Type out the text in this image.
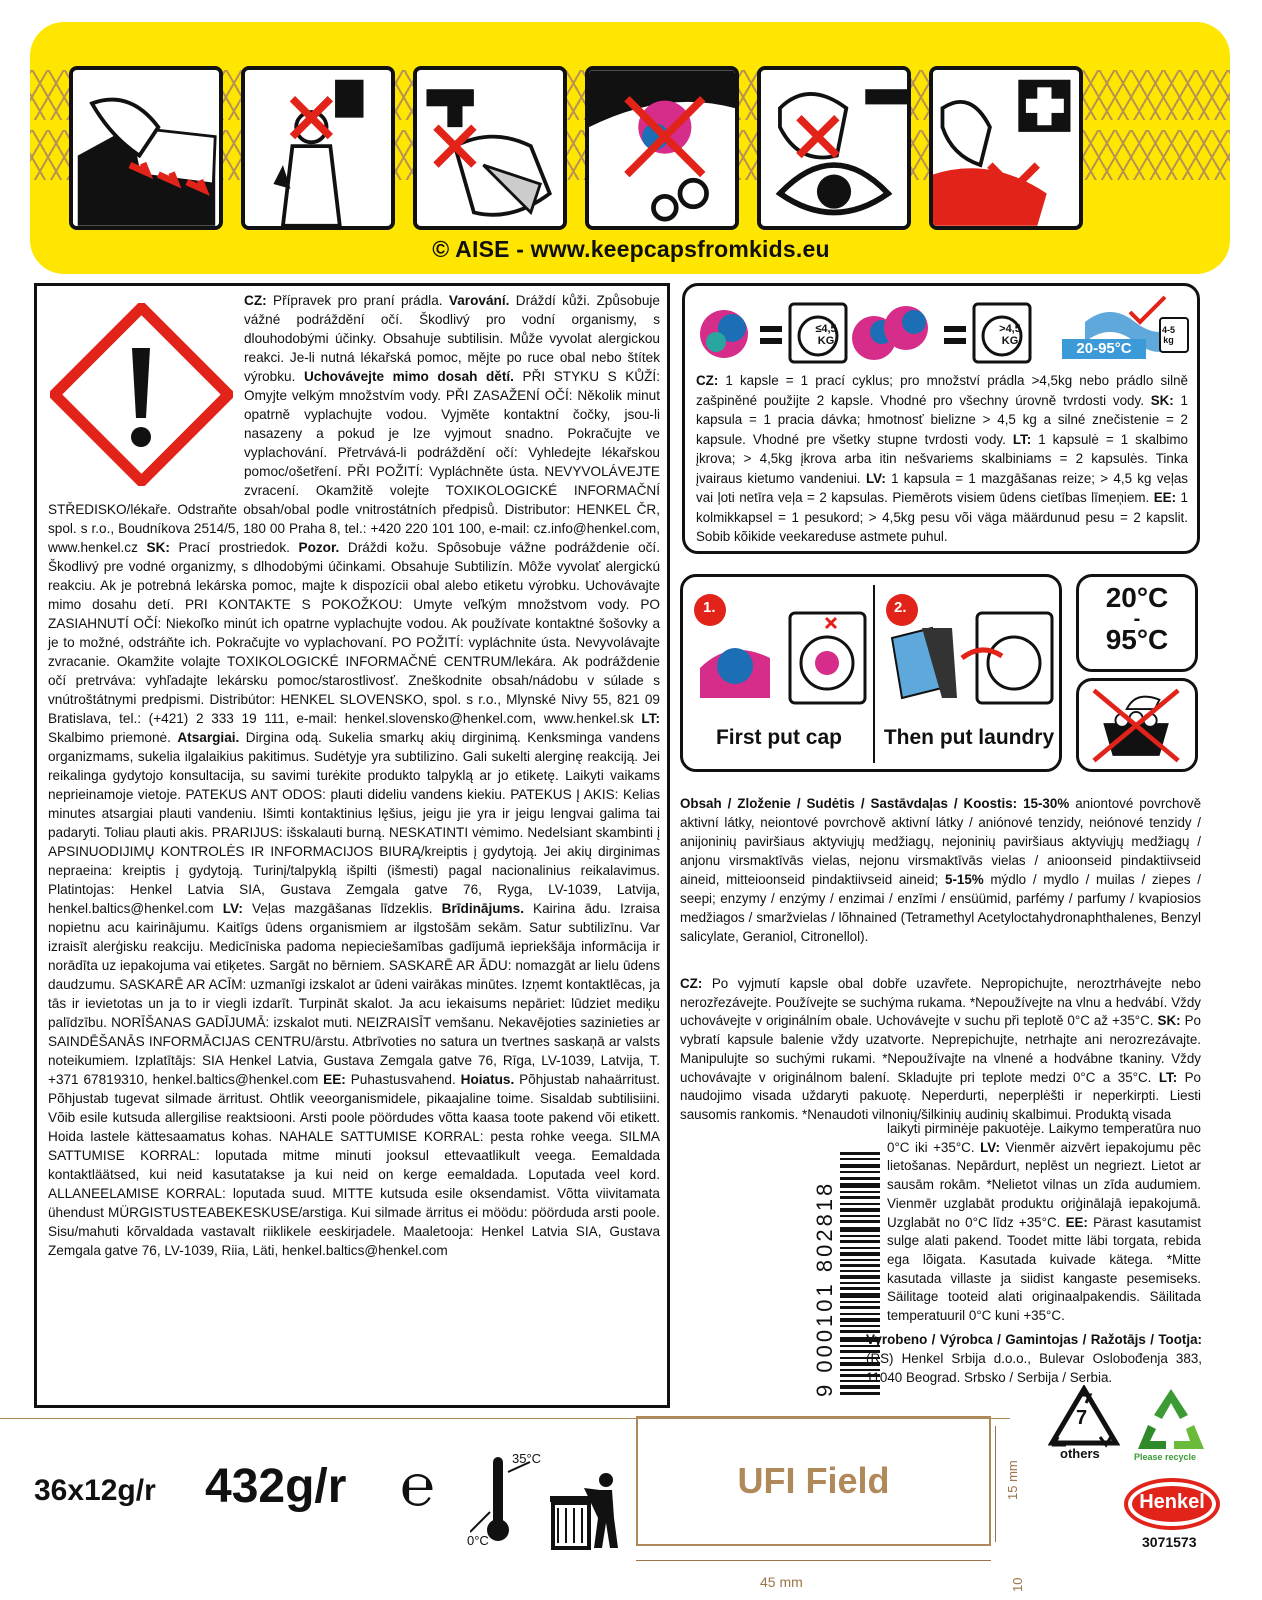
© AISE - www.keepcapsfromkids.eu
CZ: Přípravek pro praní prádla. Varování. Dráždí kůži. Způsobuje vážné podráždění očí. Škodlivý pro vodní organismy, s dlouhodobými účinky. Obsahuje subtilisin. Může vyvolat alergickou reakci. Je-li nutná lékařská pomoc, mějte po ruce obal nebo štítek výrobku. Uchovávejte mimo dosah dětí. PŘI STYKU S KŮŽÍ: Omyjte velkým množstvím vody. PŘI ZASAŽENÍ OČÍ: Několik minut opatrně vyplachujte vodou. Vyjměte kontaktní čočky, jsou-li nasazeny a pokud je lze vyjmout snadno. Pokračujte ve vyplachování. Přetrvává-li podráždění očí: Vyhledejte lékařskou pomoc/ošetření. PŘI POŽITÍ: Vypláchněte ústa. NEVYVOLÁVEJTE zvracení. Okamžitě volejte TOXIKOLOGICKÉ INFORMAČNÍ STŘEDISKO/lékaře. Odstraňte obsah/obal podle vnitrostátních předpisů. Distributor: HENKEL ČR, spol. s r.o., Boudníkova 2514/5, 180 00 Praha 8, tel.: +420 220 101 100, e-mail: cz.info@henkel.com, www.henkel.cz SK: Prací prostriedok. Pozor. Dráždi kožu. Spôsobuje vážne podráždenie očí. Škodlivý pre vodné organizmy, s dlhodobými účinkami. Obsahuje Subtilizín. Môže vyvolať alergickú reakciu. Ak je potrebná lekárska pomoc, majte k dispozícii obal alebo etiketu výrobku. Uchovávajte mimo dosahu detí. PRI KONTAKTE S POKOŽKOU: Umyte veľkým množstvom vody. PO ZASIAHNUTÍ OČÍ: Niekoľko minút ich opatrne vyplachujte vodou. Ak používate kontaktné šošovky a je to možné, odstráňte ich. Pokračujte vo vyplachovaní. PO POŽITÍ: vypláchnite ústa. Nevyvolávajte zvracanie. Okamžite volajte TOXIKOLOGICKÉ INFORMAČNÉ CENTRUM/lekára. Ak podráždenie očí pretrváva: vyhľadajte lekársku pomoc/starostlivosť. Zneškodnite obsah/nádobu v súlade s vnútroštátnymi predpismi. Distribútor: HENKEL SLOVENSKO, spol. s r.o., Mlynské Nivy 55, 821 09 Bratislava, tel.: (+421) 2 333 19 111, e-mail: henkel.slovensko@henkel.com, www.henkel.sk LT: Skalbimo priemonė. Atsargiai. Dirgina odą. Sukelia smarkų akių dirginimą. Kenksminga vandens organizmams, sukelia ilgalaikius pakitimus. Sudėtyje yra subtilizino. Gali sukelti alerginę reakciją. Jei reikalinga gydytojo konsultacija, su savimi turėkite produkto talpyklą ar jo etiketę. Laikyti vaikams neprieinamoje vietoje. PATEKUS ANT ODOS: plauti dideliu vandens kiekiu. PATEKUS Į AKIS: Kelias minutes atsargiai plauti vandeniu. Išimti kontaktinius lęšius, jeigu jie yra ir jeigu lengvai galima tai padaryti. Toliau plauti akis. PRARIJUS: išskalauti burną. NESKATINTI vėmimo. Nedelsiant skambinti į APSINUODIJIMŲ KONTROLĖS IR INFORMACIJOS BIURĄ/kreiptis į gydytoją. Jei akių dirginimas nepraeina: kreiptis į gydytoją. Turinį/talpyklą išpilti (išmesti) pagal nacionalinius reikalavimus. Platintojas: Henkel Latvia SIA, Gustava Zemgala gatve 76, Ryga, LV-1039, Latvija, henkel.baltics@henkel.com LV: Veļas mazgāšanas līdzeklis. Brīdinājums. Kairina ādu. Izraisa nopietnu acu kairinājumu. Kaitīgs ūdens organismiem ar ilgstošām sekām. Satur subtilizīnu. Var izraisīt alerģisku reakciju. Medicīniska padoma nepieciešamības gadījumā iepriekšāja informācija ir norādīta uz iepakojuma vai etiķetes. Sargāt no bērniem. SASKARĒ AR ĀDU: nomazgāt ar lielu ūdens daudzumu. SASKARĒ AR ACĪM: uzmanīgi izskalot ar ūdeni vairākas minūtes. Izņemt kontaktlēcas, ja tās ir ievietotas un ja to ir viegli izdarīt. Turpināt skalot. Ja acu iekaisums nepāriet: lūdziet mediķu palīdzību. NORĪŠANAS GADĪJUMĀ: izskalot muti. NEIZRAISĪT vemšanu. Nekavējoties sazinieties ar SAINDĒŠANĀS INFORMĀCIJAS CENTRU/ārstu. Atbrīvoties no satura un tvertnes saskaņā ar valsts noteikumiem. Izplatītājs: SIA Henkel Latvia, Gustava Zemgala gatve 76, Rīga, LV-1039, Latvija, T. +371 67819310, henkel.baltics@henkel.com EE: Puhastusvahend. Hoiatus. Põhjustab nahaärritust. Põhjustab tugevat silmade ärritust. Ohtlik veeorganismidele, pikaajaline toime. Sisaldab subtilisiini. Võib esile kutsuda allergilise reaktsiooni. Arsti poole pöördudes võtta kaasa toote pakend või etikett. Hoida lastele kättesaamatus kohas. NAHALE SATTUMISE KORRAL: pesta rohke veega. SILMA SATTUMISE KORRAL: loputada mitme minuti jooksul ettevaatlikult veega. Eemaldada kontaktläätsed, kui neid kasutatakse ja kui neid on kerge eemaldada. Loputada veel kord. ALLANEELAMISE KORRAL: loputada suud. MITTE kutsuda esile oksendamist. Võtta viivitamata ühendust MÜRGISTUSTEABEKESKUSE/arstiga. Kui silmade ärritus ei möödu: pöörduda arsti poole. Sisu/mahuti kõrvaldada vastavalt riiklikele eeskirjadele. Maaletooja: Henkel Latvia SIA, Gustava Zemgala gatve 76, LV-1039, Riia, Läti, henkel.baltics@henkel.com
≤4,5
KG
>4,5
KG	20-95°C
4-5
kg
CZ: 1 kapsle = 1 prací cyklus; pro množství prádla >4,5kg nebo prádlo silně zašpiněné použijte 2 kapsle. Vhodné pro všechny úrovně tvrdosti vody. SK: 1 kapsula = 1 pracia dávka; hmotnosť bielizne > 4,5 kg a silné znečistenie = 2 kapsule. Vhodné pre všetky stupne tvrdosti vody. LT: 1 kapsulė = 1 skalbimo įkrova; > 4,5kg įkrova arba itin nešvariems skalbiniams = 2 kapsulės. Tinka įvairaus kietumo vandeniui. LV: 1 kapsula = 1 mazgāšanas reize; > 4,5 kg veļas vai ļoti netīra veļa = 2 kapsulas. Piemērots visiem ūdens cietības līmeņiem. EE: 1 kolmikkapsel = 1 pesukord; > 4,5kg pesu või väga määrdunud pesu = 2 kapslit. Sobib kõikide veekareduse astmete puhul.
1.	2.
First put cap	Then put laundry
20°C
-
95°C
Obsah / Zloženie / Sudėtis / Sastāvdaļas / Koostis: 15-30% aniontové povrchově aktivní látky, neiontové povrchově aktivní látky / aniónové tenzidy, neiónové tenzidy / anijoninių paviršiaus aktyviųjų medžiagų, nejoninių paviršiaus aktyviųjų medžiagų / anjonu virsmaktīvās vielas, nejonu virsmaktīvās vielas / anioonseid pindaktiivseid aineid, mitteioonseid pindaktiivseid aineid; 5-15% mýdlo / mydlo / muilas / ziepes / seepi; enzymy / enzýmy / enzimai / enzīmi / ensüümid, parfémy / parfumy / kvapiosios medžiagos / smaržvielas / lõhnained (Tetramethyl Acetyloctahydronaphthalenes, Benzyl salicylate, Geraniol, Citronellol).
CZ: Po vyjmutí kapsle obal dobře uzavřete. Nepropichujte, neroztrhávejte nebo nerozřezávejte. Používejte se suchýma rukama. *Nepoužívejte na vlnu a hedvábí. Vždy uchovávejte v originálním obale. Uchovávejte v suchu při teplotě 0°C až +35°C. SK: Po vybratí kapsule balenie vždy uzatvorte. Neprepichujte, netrhajte ani nerozrezávajte. Manipulujte so suchými rukami. *Nepoužívajte na vlnené a hodvábne tkaniny. Vždy uchovávajte v originálnom balení. Skladujte pri teplote medzi 0°C a 35°C. LT: Po naudojimo visada uždaryti pakuotę. Neperdurti, neperplėšti ir neperkirpti. Liesti sausomis rankomis. *Nenaudoti vilnonių/šilkinių audinių skalbimui. Produktą visada
laikyti pirminėje pakuotėje. Laikymo temperatūra nuo 0°C iki +35°C. LV: Vienmēr aizvērt iepakojumu pēc lietošanas. Nepārdurt, neplēst un negriezt. Lietot ar sausām rokām. *Nelietot vilnas un zīda audumiem. Vienmēr uzglabāt produktu oriģinālajā iepakojumā. Uzglabāt no 0°C līdz +35°C. EE: Pärast kasutamist sulge alati pakend. Toodet mitte läbi torgata, rebida ega lõigata. Kasutada kuivade kätega. *Mitte kasutada villaste ja siidist kangaste pesemiseks. Säilitage tooteid alati originaalpakendis. Säilitada temperatuuril 0°C kuni +35°C.
9 000101 802818 Vyrobeno / Výrobca / Gamintojas / Ražotājs / Tootja: (RS) Henkel Srbija d.o.o., Bulevar Oslobođenja 383, 11040 Beograd. Srbsko / Serbija / Serbia.
36x12g/r 432g/r ℮	35°C
0°C
UFI Field	15 mm
45 mm	10
7
others	Please recycle
Henkel
3071573
